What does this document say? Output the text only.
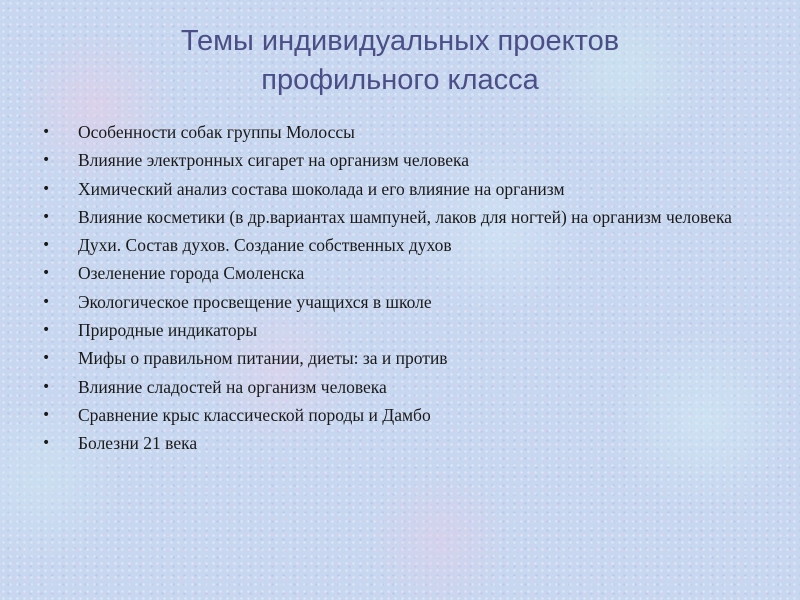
Темы индивидуальных проектов
профильного класса
• Особенности собак группы Молоссы
• Влияние электронных сигарет на организм человека
• Химический анализ состава шоколада и его влияние на организм
• Влияние косметики (в др.вариантах шампуней, лаков для ногтей) на организм человека
• Духи. Состав духов. Создание собственных духов
• Озеленение города Смоленска
• Экологическое просвещение учащихся в школе
• Природные индикаторы
• Мифы о правильном питании, диеты: за и против
• Влияние сладостей на организм человека
• Сравнение крыс классической породы и Дамбо
• Болезни 21 века
